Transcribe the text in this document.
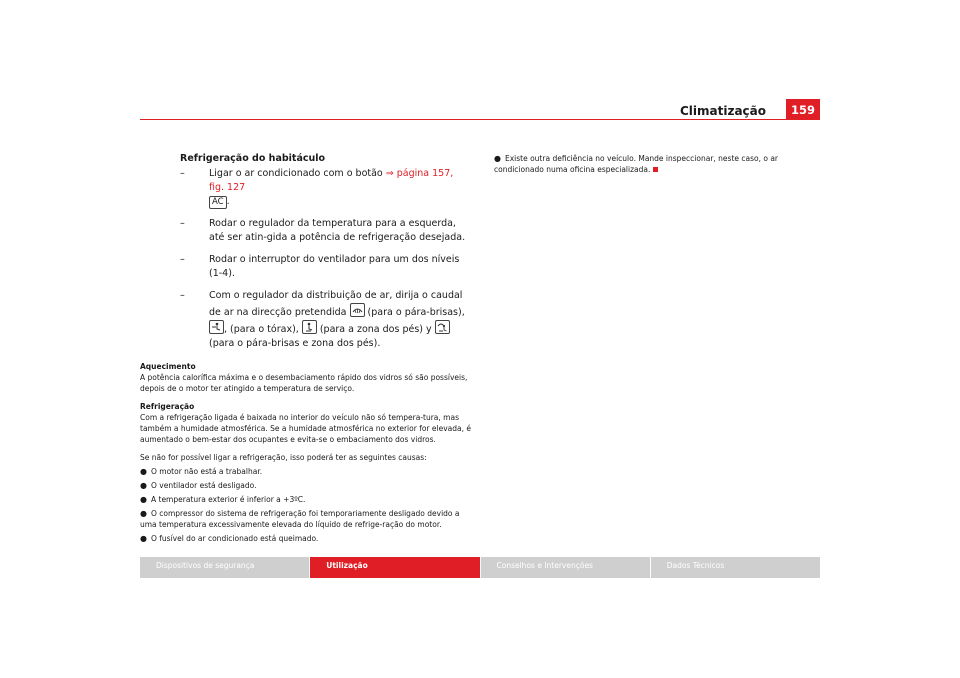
Climatização	159
Refrigeração do habitáculo
–	Ligar o ar condicionado com o botão ⇒ página 157, fig. 127
AC .
–	Rodar o regulador da temperatura para a esquerda, até ser atin-gida a potência de refrigeração desejada.
–	Rodar o interruptor do ventilador para um dos níveis (1-4).
–	Com o regulador da distribuição de ar, dirija o caudal de ar na direcção pretendida
(para o pára-brisas),
, (para o tórax),
(para a zona dos pés) y
(para o pára-brisas e zona dos pés).
Aquecimento
A potência calorífica máxima e o desembaciamento rápido dos vidros só são possíveis, depois de o motor ter atingido a temperatura de serviço.
Refrigeração
Com a refrigeração ligada é baixada no interior do veículo não só tempera-tura, mas também a humidade atmosférica. Se a humidade atmosférica no exterior for elevada, é aumentado o bem-estar dos ocupantes e evita-se o embaciamento dos vidros.
Se não for possível ligar a refrigeração, isso poderá ter as seguintes causas:
● O motor não está a trabalhar.
● O ventilador está desligado.
● A temperatura exterior é inferior a +3ºC.
● O compressor do sistema de refrigeração foi temporariamente desligado devido a uma temperatura excessivamente elevada do líquido de refrige-ração do motor.
● O fusível do ar condicionado está queimado.
● Existe outra deficiência no veículo. Mande inspeccionar, neste caso, o ar condicionado numa oficina especializada.
Dispositivos de segurança	Utilização	Conselhos e Intervenções	Dados Técnicos
